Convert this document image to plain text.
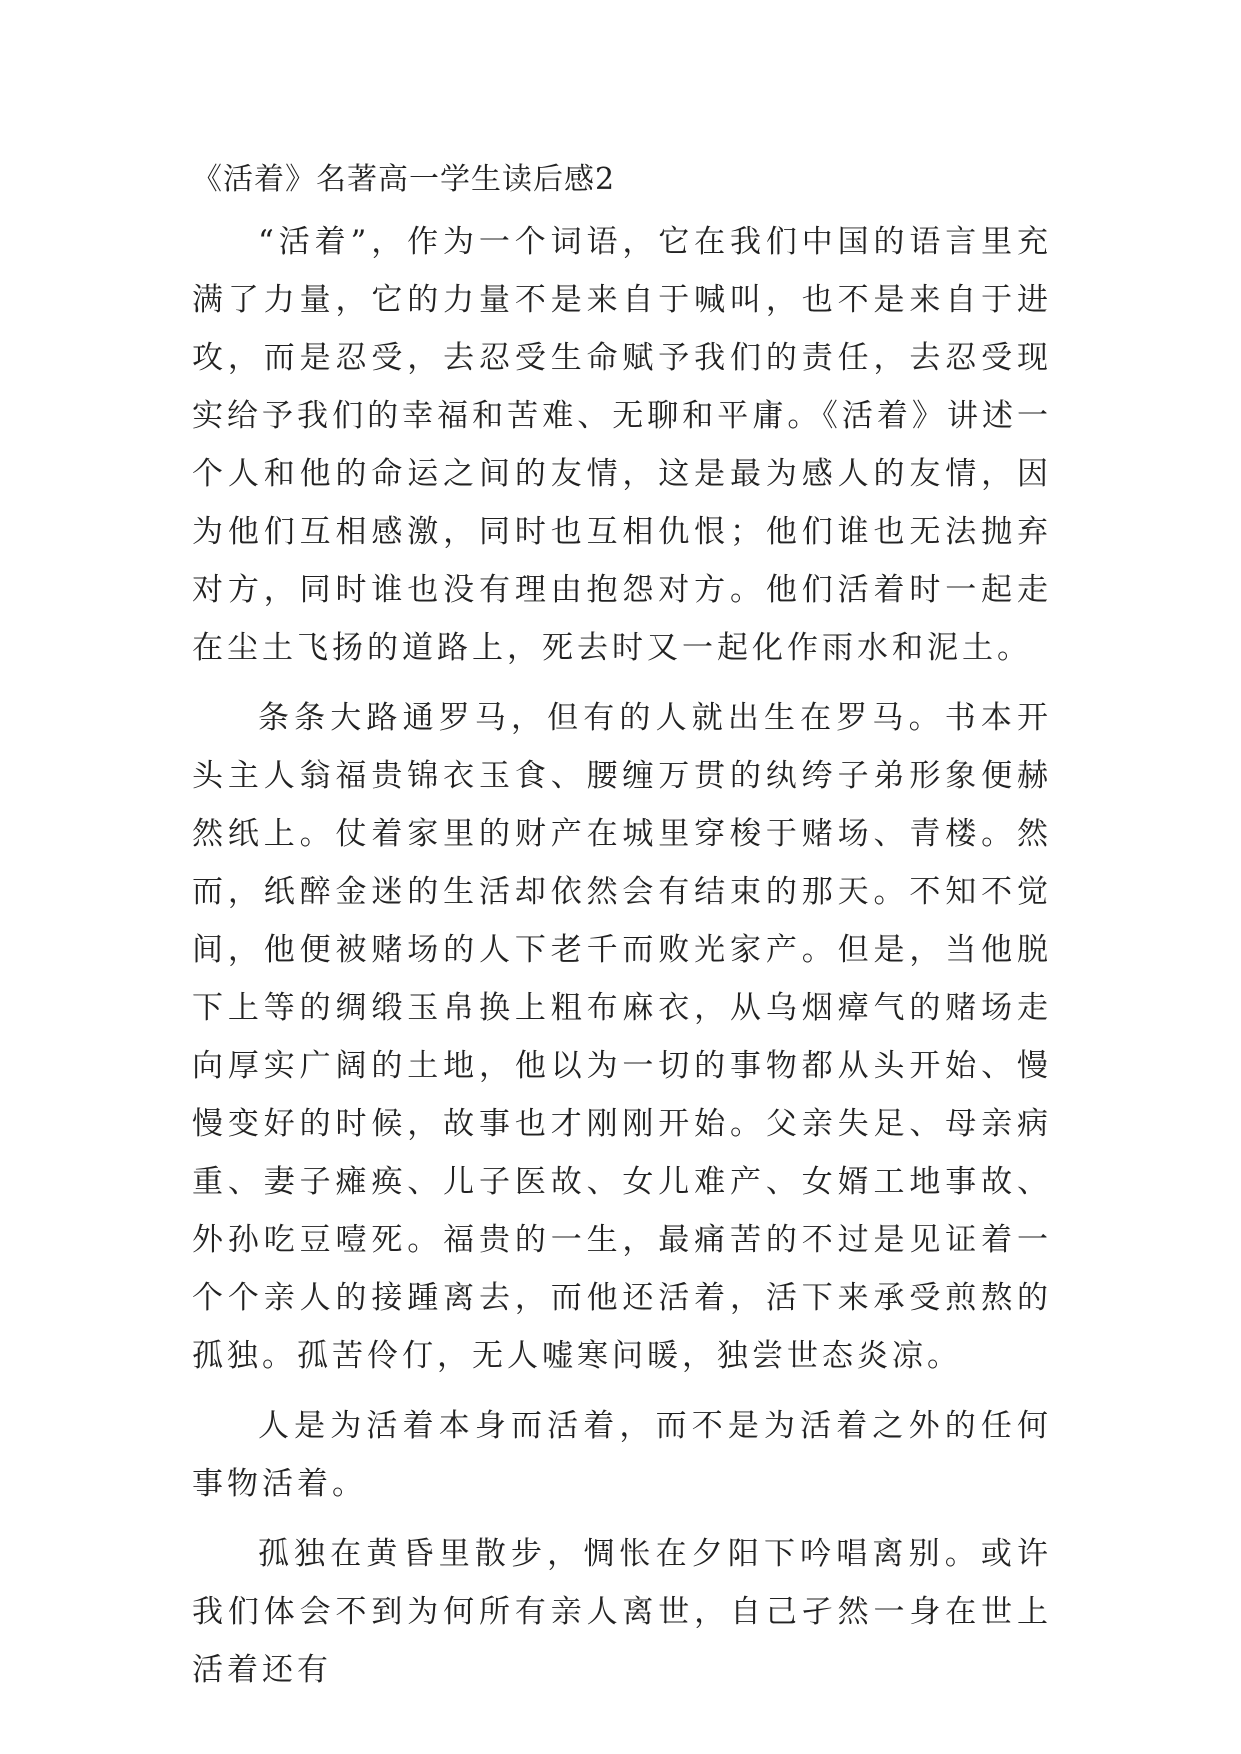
《活着》名著高一学生读后感2

“活着”，作为一个词语，它在我们中国的语言里充满了力量，它的力量不是来自于喊叫，也不是来自于进攻，而是忍受，去忍受生命赋予我们的责任，去忍受现实给予我们的幸福和苦难、无聊和平庸。《活着》讲述一个人和他的命运之间的友情，这是最为感人的友情，因为他们互相感激，同时也互相仇恨；他们谁也无法抛弃对方，同时谁也没有理由抱怨对方。他们活着时一起走在尘土飞扬的道路上，死去时又一起化作雨水和泥土。

条条大路通罗马，但有的人就出生在罗马。书本开头主人翁福贵锦衣玉食、腰缠万贯的纨绔子弟形象便赫然纸上。仗着家里的财产在城里穿梭于赌场、青楼。然而，纸醉金迷的生活却依然会有结束的那天。不知不觉间，他便被赌场的人下老千而败光家产。但是，当他脱下上等的绸缎玉帛换上粗布麻衣，从乌烟瘴气的赌场走向厚实广阔的土地，他以为一切的事物都从头开始、慢慢变好的时候，故事也才刚刚开始。父亲失足、母亲病重、妻子瘫痪、儿子医故、女儿难产、女婿工地事故、外孙吃豆噎死。福贵的一生，最痛苦的不过是见证着一个个亲人的接踵离去，而他还活着，活下来承受煎熬的孤独。孤苦伶仃，无人嘘寒问暖，独尝世态炎凉。

人是为活着本身而活着，而不是为活着之外的任何事物活着。

孤独在黄昏里散步，惆怅在夕阳下吟唱离别。或许我们体会不到为何所有亲人离世，自己孑然一身在世上活着还有
